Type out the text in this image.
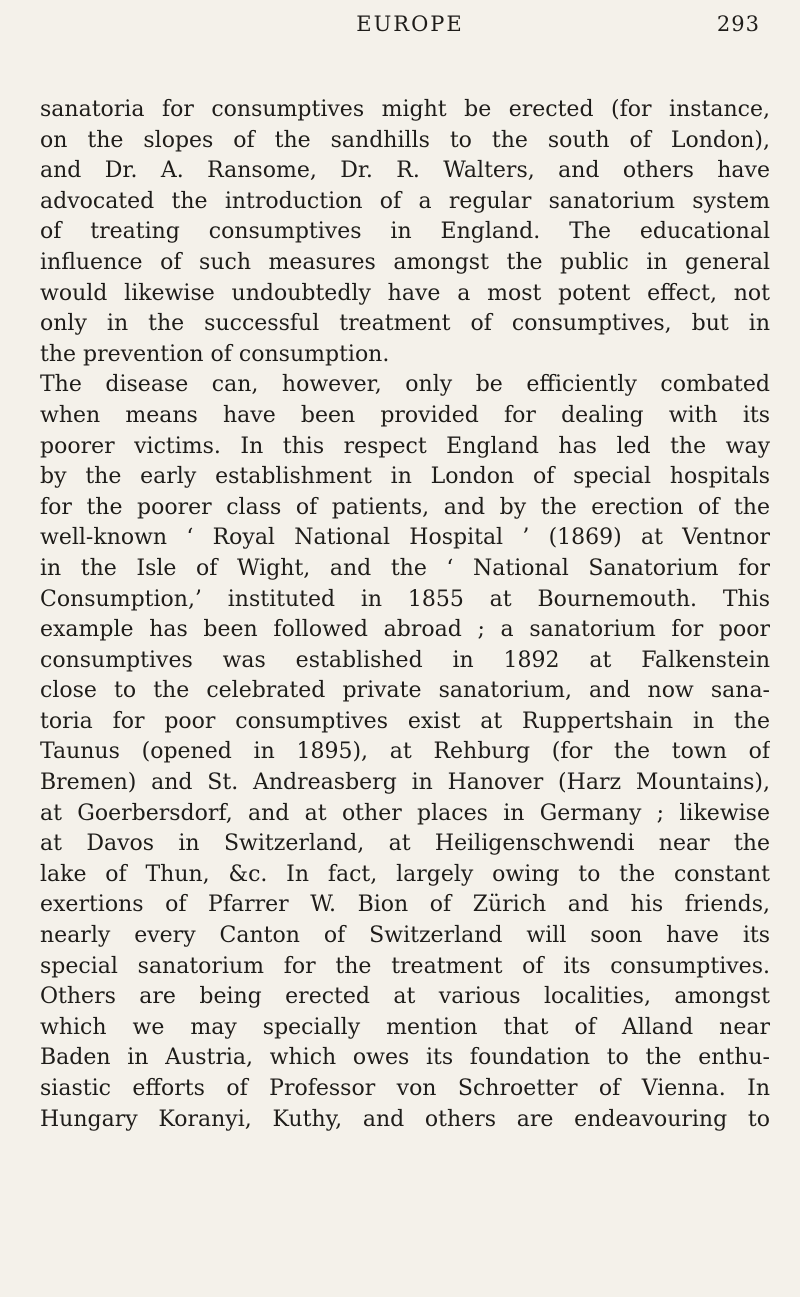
EUROPE	293
sanatoria for consumptives might be erected (for instance,
on the slopes of the sandhills to the south of London),
and Dr. A. Ransome, Dr. R. Walters, and others have
advocated the introduction of a regular sanatorium system
of treating consumptives in England. The educational
influence of such measures amongst the public in general
would likewise undoubtedly have a most potent effect, not
only in the successful treatment of consumptives, but in
the prevention of consumption.
The disease can, however, only be efficiently combated
when means have been provided for dealing with its
poorer victims. In this respect England has led the way
by the early establishment in London of special hospitals
for the poorer class of patients, and by the erection of the
well-known ‘ Royal National Hospital ’ (1869) at Ventnor
in the Isle of Wight, and the ‘ National Sanatorium for
Consumption,’ instituted in 1855 at Bournemouth. This
example has been followed abroad ; a sanatorium for poor
consumptives was established in 1892 at Falkenstein
close to the celebrated private sanatorium, and now sana-
toria for poor consumptives exist at Ruppertshain in the
Taunus (opened in 1895), at Rehburg (for the town of
Bremen) and St. Andreasberg in Hanover (Harz Mountains),
at Goerbersdorf, and at other places in Germany ; likewise
at Davos in Switzerland, at Heiligenschwendi near the
lake of Thun, &c. In fact, largely owing to the constant
exertions of Pfarrer W. Bion of Zürich and his friends,
nearly every Canton of Switzerland will soon have its
special sanatorium for the treatment of its consumptives.
Others are being erected at various localities, amongst
which we may specially mention that of Alland near
Baden in Austria, which owes its foundation to the enthu-
siastic efforts of Professor von Schroetter of Vienna. In
Hungary Koranyi, Kuthy, and others are endeavouring to
